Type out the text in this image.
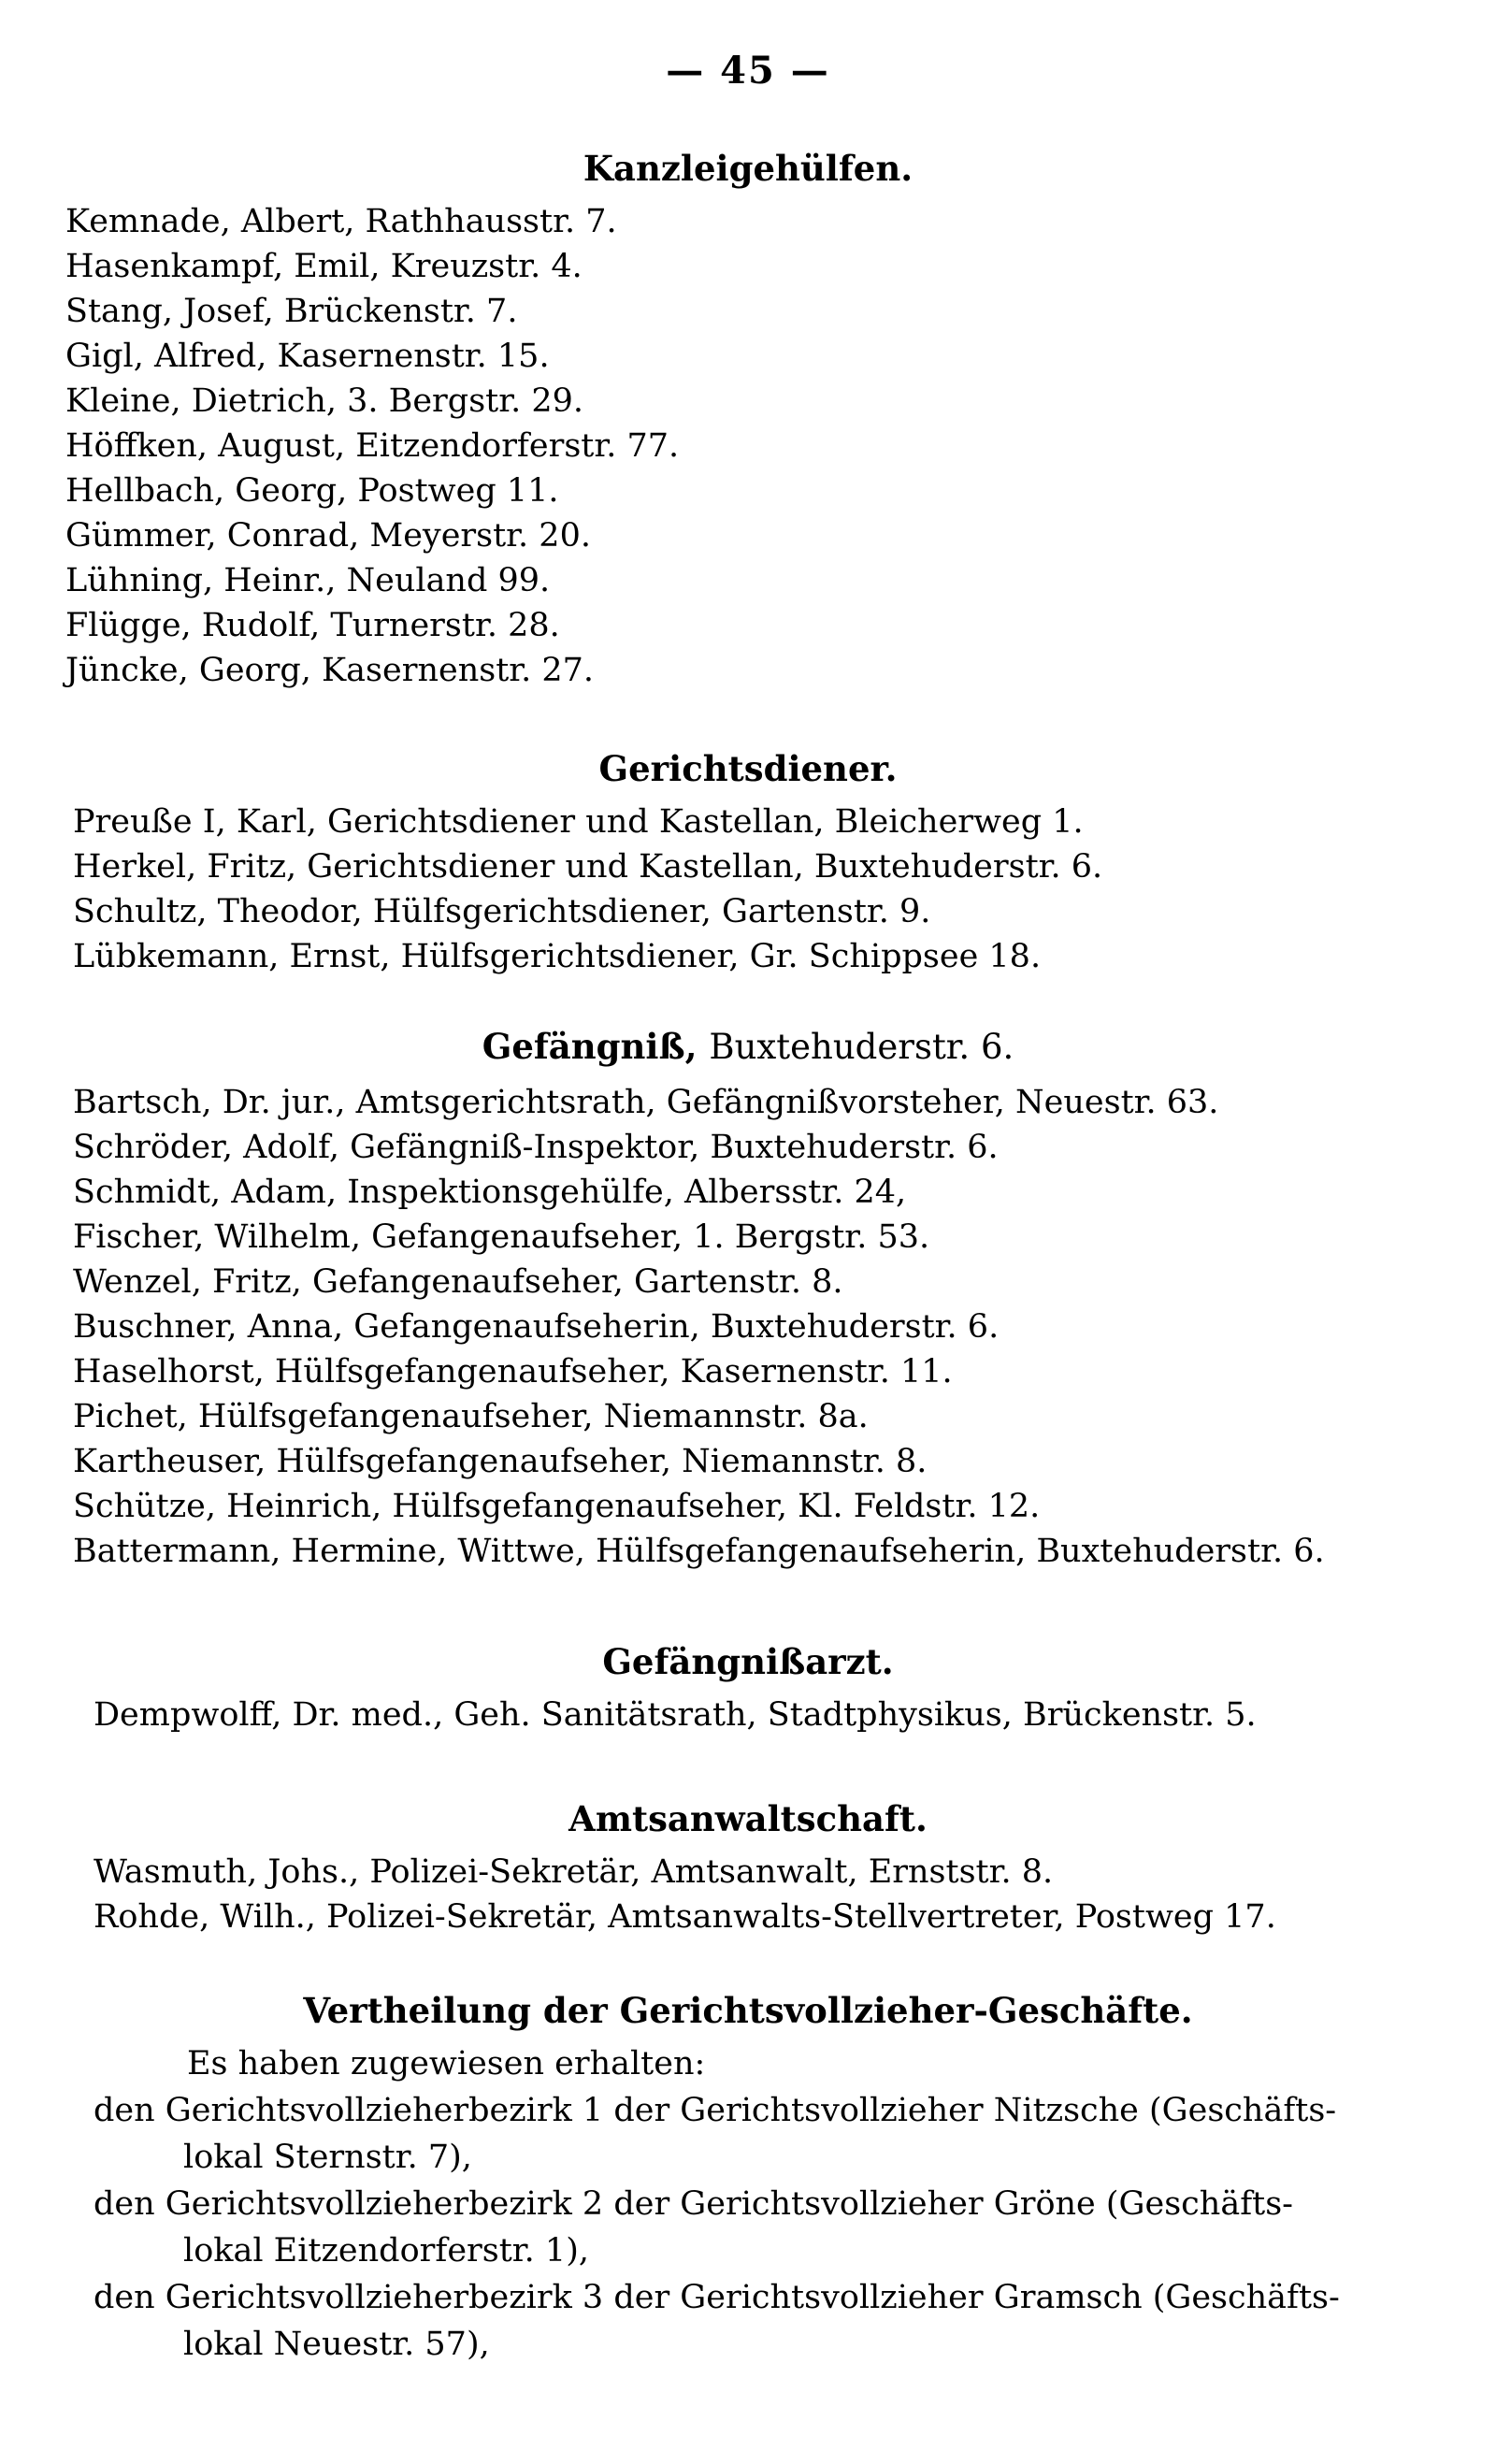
— 45 —
Kanzleigehülfen.
Kemnade, Albert, Rathhausstr. 7.
Hasenkampf, Emil, Kreuzstr. 4.
Stang, Josef, Brückenstr. 7.
Gigl, Alfred, Kasernenstr. 15.
Kleine, Dietrich, 3. Bergstr. 29.
Höffken, August, Eitzendorferstr. 77.
Hellbach, Georg, Postweg 11.
Gümmer, Conrad, Meyerstr. 20.
Lühning, Heinr., Neuland 99.
Flügge, Rudolf, Turnerstr. 28.
Jüncke, Georg, Kasernenstr. 27.
Gerichtsdiener.
Preuße I, Karl, Gerichtsdiener und Kastellan, Bleicherweg 1.
Herkel, Fritz, Gerichtsdiener und Kastellan, Buxtehuderstr. 6.
Schultz, Theodor, Hülfsgerichtsdiener, Gartenstr. 9.
Lübkemann, Ernst, Hülfsgerichtsdiener, Gr. Schippsee 18.
Gefängniß, Buxtehuderstr. 6.
Bartsch, Dr. jur., Amtsgerichtsrath, Gefängnißvorsteher, Neuestr. 63.
Schröder, Adolf, Gefängniß-Inspektor, Buxtehuderstr. 6.
Schmidt, Adam, Inspektionsgehülfe, Albersstr. 24,
Fischer, Wilhelm, Gefangenaufseher, 1. Bergstr. 53.
Wenzel, Fritz, Gefangenaufseher, Gartenstr. 8.
Buschner, Anna, Gefangenaufseherin, Buxtehuderstr. 6.
Haselhorst, Hülfsgefangenaufseher, Kasernenstr. 11.
Pichet, Hülfsgefangenaufseher, Niemannstr. 8a.
Kartheuser, Hülfsgefangenaufseher, Niemannstr. 8.
Schütze, Heinrich, Hülfsgefangenaufseher, Kl. Feldstr. 12.
Battermann, Hermine, Wittwe, Hülfsgefangenaufseherin, Buxtehuderstr. 6.
Gefängnißarzt.
Dempwolff, Dr. med., Geh. Sanitätsrath, Stadtphysikus, Brückenstr. 5.
Amtsanwaltschaft.
Wasmuth, Johs., Polizei-Sekretär, Amtsanwalt, Ernststr. 8.
Rohde, Wilh., Polizei-Sekretär, Amtsanwalts-Stellvertreter, Postweg 17.
Vertheilung der Gerichtsvollzieher-Geschäfte.
Es haben zugewiesen erhalten:
den Gerichtsvollzieherbezirk 1 der Gerichtsvollzieher Nitzsche (Geschäfts-
lokal Sternstr. 7),
den Gerichtsvollzieherbezirk 2 der Gerichtsvollzieher Gröne (Geschäfts-
lokal Eitzendorferstr. 1),
den Gerichtsvollzieherbezirk 3 der Gerichtsvollzieher Gramsch (Geschäfts-
lokal Neuestr. 57),
